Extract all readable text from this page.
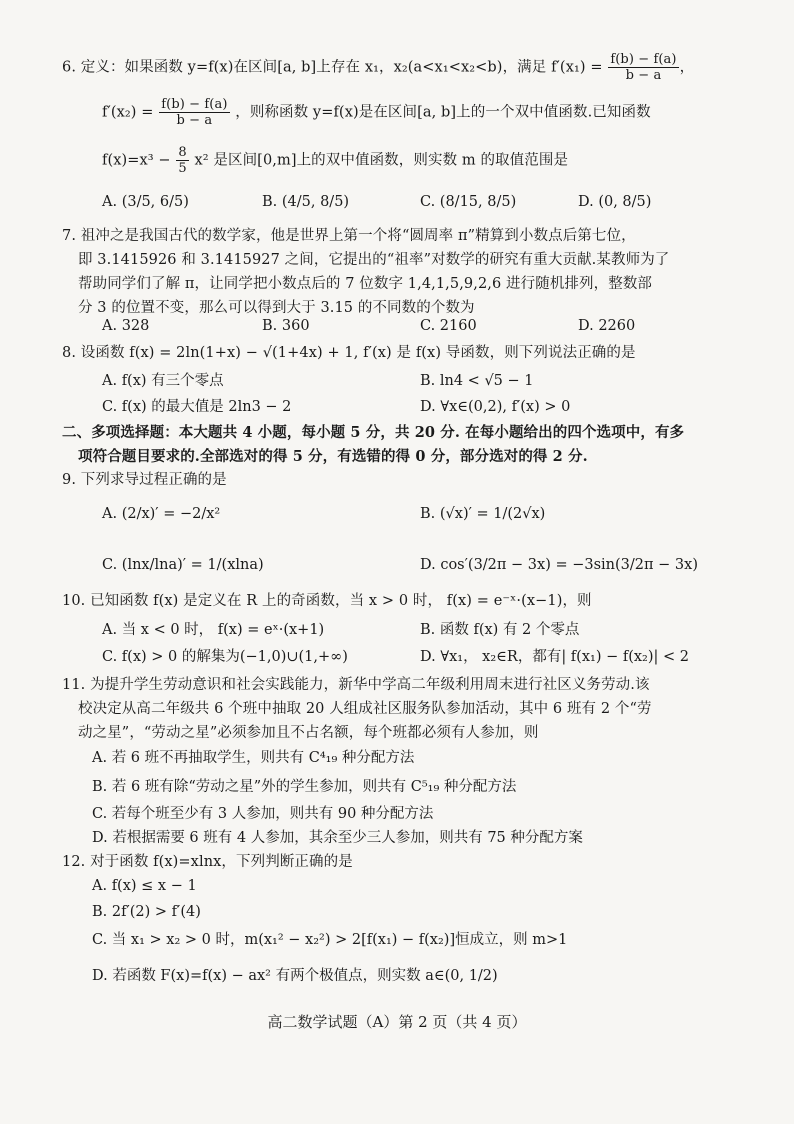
6. 定义：如果函数 y=f(x)在区间[a, b]上存在 x₁，x₂(a<x₁<x₂<b)，满足 $f'(x_1) = \frac{f(b) - f(a)}{b - a}$ ，
$f'(x_2) = \frac{f(b) - f(a)}{b - a}$ ，则称函数 y=f(x)是在区间[a, b]上的一个双中值函数.已知函数
$f(x)=x^3 - \frac{8}{5} x^2$ 是区间[0,m]上的双中值函数，则实数 m 的取值范围是
A. (3/5, 6/5)	B. (4/5, 8/5)	C. (8/15, 8/5)	D. (0, 8/5)
7. 祖冲之是我国古代的数学家，他是世界上第一个将“圆周率 π”精算到小数点后第七位，
即 3.1415926 和 3.1415927 之间，它提出的“祖率”对数学的研究有重大贡献.某教师为了
帮助同学们了解 π，让同学把小数点后的 7 位数字 1,4,1,5,9,2,6 进行随机排列，整数部
分 3 的位置不变，那么可以得到大于 3.15 的不同数的个数为
A. 328	B. 360	C. 2160	D. 2260
8. 设函数 f(x) = 2ln(1+x) − √(1+4x) + 1, f′(x) 是 f(x) 导函数，则下列说法正确的是
A. f(x) 有三个零点	B. ln4 < √5 − 1
C. f(x) 的最大值是 2ln3 − 2	D. ∀x∈(0,2), f′(x) > 0
二、多项选择题：本大题共 4 小题，每小题 5 分，共 20 分. 在每小题给出的四个选项中，有多
项符合题目要求的.全部选对的得 5 分，有选错的得 0 分，部分选对的得 2 分.
9. 下列求导过程正确的是
A. (2/x)′ = −2/x²	B. (√x)′ = 1/(2√x)
C. (lnx/lna)′ = 1/(xlna)	D. cos′(3/2π − 3x) = −3sin(3/2π − 3x)
10. 已知函数 f(x) 是定义在 R 上的奇函数，当 x > 0 时， f(x) = e⁻ˣ·(x−1)，则
A. 当 x < 0 时， f(x) = eˣ·(x+1)	B. 函数 f(x) 有 2 个零点
C. f(x) > 0 的解集为(−1,0)∪(1,+∞)	D. ∀x₁， x₂∈R，都有| f(x₁) − f(x₂)| < 2
11. 为提升学生劳动意识和社会实践能力，新华中学高二年级利用周末进行社区义务劳动.该
校决定从高二年级共 6 个班中抽取 20 人组成社区服务队参加活动，其中 6 班有 2 个“劳
动之星”，“劳动之星”必须参加且不占名额，每个班都必须有人参加，则
A. 若 6 班不再抽取学生，则共有 C⁴₁₉ 种分配方法
B. 若 6 班有除“劳动之星”外的学生参加，则共有 C⁵₁₉ 种分配方法
C. 若每个班至少有 3 人参加，则共有 90 种分配方法
D. 若根据需要 6 班有 4 人参加，其余至少三人参加，则共有 75 种分配方案
12. 对于函数 f(x)=xlnx，下列判断正确的是
A. f(x) ≤ x − 1
B. 2f′(2) > f′(4)
C. 当 x₁ > x₂ > 0 时，m(x₁² − x₂²) > 2[f(x₁) − f(x₂)]恒成立，则 m>1
D. 若函数 F(x)=f(x) − ax² 有两个极值点，则实数 a∈(0, 1/2)
高二数学试题（A）第 2 页（共 4 页）
